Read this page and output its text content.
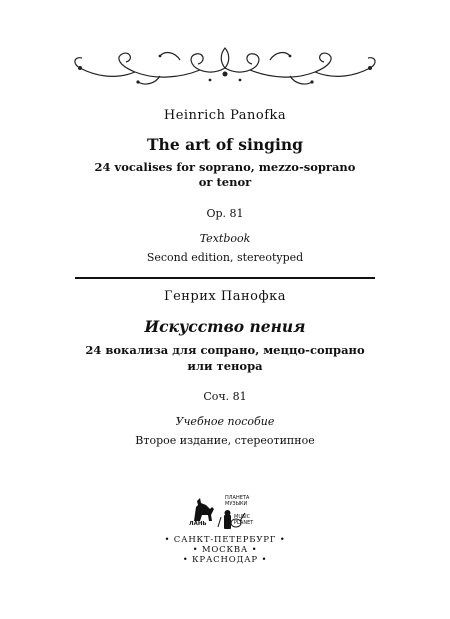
Heinrich Panofka
The art of singing
24 vocalises for soprano, mezzo-soprano
or tenor
Op. 81
Textbook
Second edition, stereotyped
Генрих Панофка
Искусство пения
24 вокализа для сопрано, меццо-сопрано
или тенора
Соч. 81
Учебное пособие
Второе издание, стереотипное
ПЛАНЕТА МУЗЫКИ
MUSIC PLANET
ЛАНЬ
• САНКТ-ПЕТЕРБУРГ •
• МОСКВА •
• КРАСНОДАР •
